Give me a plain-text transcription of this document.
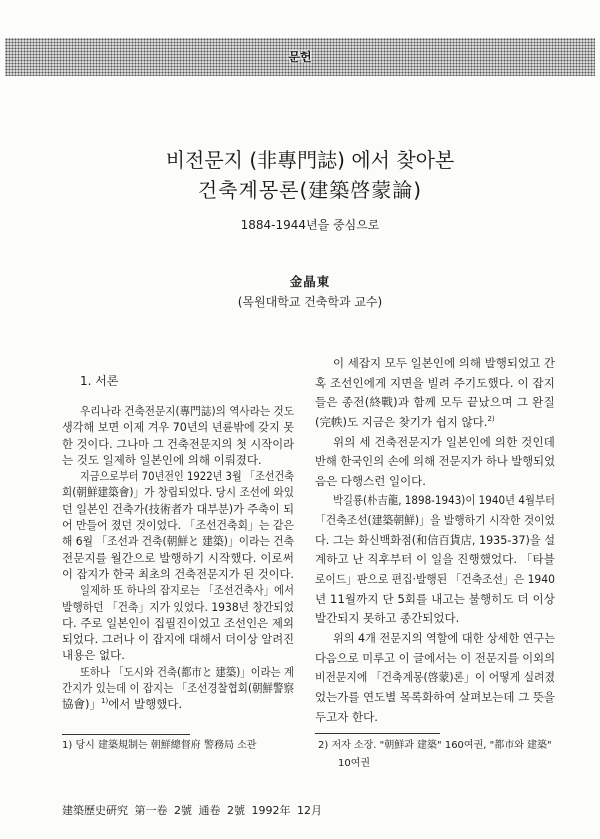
문헌
비전문지 (非專門誌) 에서 찾아본
건축계몽론(建築啓蒙論)
1884-1944년을 중심으로
金晶東
(목원대학교 건축학과 교수)
1. 서론
우리나라 건축전문지(專門誌)의 역사라는 것도
생각해 보면 이제 겨우 70년의 년륜밖에 갖지 못
한 것이다. 그나마 그 건축전문지의 첫 시작이라
는 것도 일제하 일본인에 의해 이뤄졌다.
지금으로부터 70년전인 1922년 3월 「조선건축
회(朝鮮建築會)」가 창립되었다. 당시 조선에 와있
던 일본인 건축가(技術者가 대부분)가 주축이 되
어 만들어 졌던 것이었다. 「조선건축회」는 같은
해 6월 「조선과 건축(朝鮮と 建築)」이라는 건축
전문지를 월간으로 발행하기 시작했다. 이로써
이 잡지가 한국 최초의 건축전문지가 된 것이다.
일제하 또 하나의 잡지로는 「조선건축사」에서
발행하던 「건축」지가 있었다. 1938년 창간되었
다. 주로 일본인이 집필진이었고 조선인은 제외
되었다. 그러나 이 잡지에 대해서 더이상 알려진
내용은 없다.
또하나 「도시와 건축(都市と 建築)」이라는 계
간지가 있는데 이 잡지는 「조선경찰협회(朝鮮警察
協會)」$^{1)}$에서 발행했다.
이 세잡지 모두 일본인에 의해 발행되었고 간
혹 조선인에게 지면을 빌려 주기도했다. 이 잡지
들은 종전(終戰)과 함께 모두 끝났으며 그 완질
(完帙)도 지금은 찾기가 쉽지 않다.$^{2)}$
위의 세 건축전문지가 일본인에 의한 것인데
반해 한국인의 손에 의해 전문지가 하나 발행되었
음은 다행스런 일이다.
박길룡(朴吉龍, 1898-1943)이 1940년 4월부터
「건축조선(建築朝鮮)」을 발행하기 시작한 것이었
다. 그는 화신백화점(和信百貨店, 1935-37)을 설
계하고 난 직후부터 이 일을 진행했었다. 「타블
로이드」판으로 편집·발행된 「건축조선」은 1940
년 11월까지 단 5회를 내고는 불행히도 더 이상
발간되지 못하고 종간되었다.
위의 4개 전문지의 역할에 대한 상세한 연구는
다음으로 미루고 이 글에서는 이 전문지를 이외의
비전문지에 「건축계몽(啓蒙)론」이 어떻게 실려졌
었는가를 연도별 목록화하여 살펴보는데 그 뜻을
두고자 한다.
1) 당시 建築規制는 朝鮮總督府 警務局 소관	2) 저자 소장. "朝鮮과 建築" 160여권, "都市와 建築"
10여권
建築歷史硏究 第一卷 2號 通卷 2號 1992年 12月
